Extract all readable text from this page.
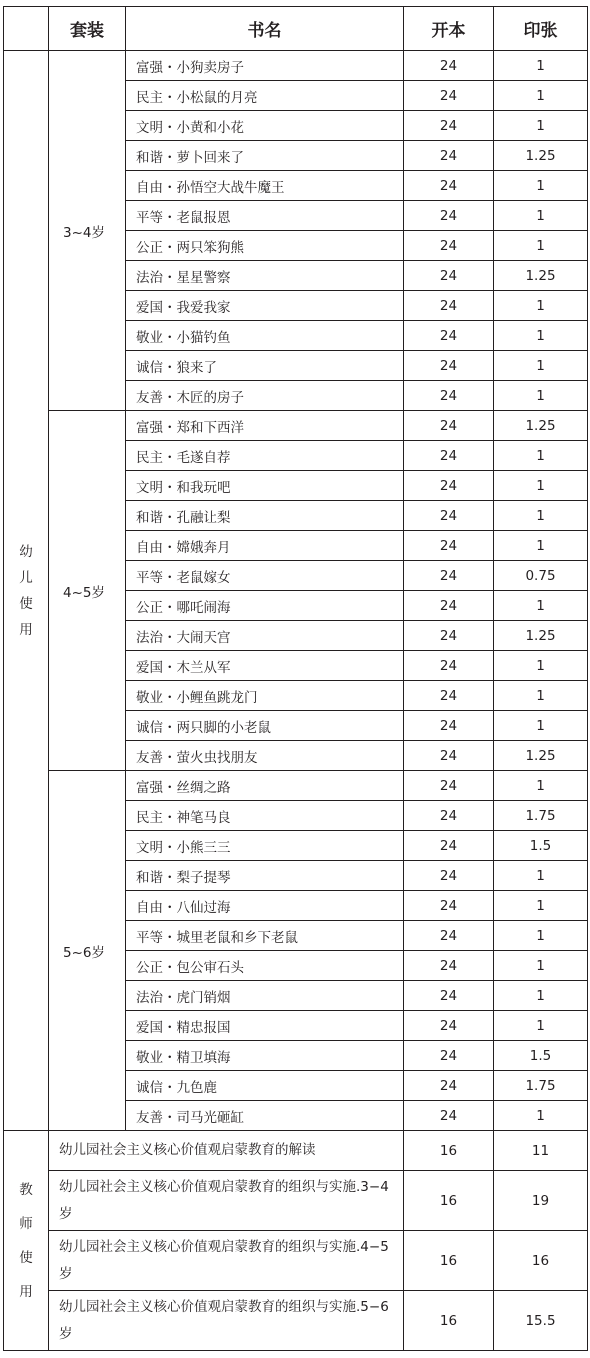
	套装	书名	开本	印张

幼
儿
使
用	3~4岁	富强・小狗卖房子	24	1
		民主・小松鼠的月亮	24	1
		文明・小黄和小花	24	1
		和谐・萝卜回来了	24	1.25
		自由・孙悟空大战牛魔王	24	1
		平等・老鼠报恩	24	1
		公正・两只笨狗熊	24	1
		法治・星星警察	24	1.25
		爱国・我爱我家	24	1
		敬业・小猫钓鱼	24	1
		诚信・狼来了	24	1
		友善・木匠的房子	24	1
	4~5岁	富强・郑和下西洋	24	1.25
		民主・毛遂自荐	24	1
		文明・和我玩吧	24	1
		和谐・孔融让梨	24	1
		自由・嫦娥奔月	24	1
		平等・老鼠嫁女	24	0.75
		公正・哪吒闹海	24	1
		法治・大闹天宫	24	1.25
		爱国・木兰从军	24	1
		敬业・小鲤鱼跳龙门	24	1
		诚信・两只脚的小老鼠	24	1
		友善・萤火虫找朋友	24	1.25
	5~6岁	富强・丝绸之路	24	1
		民主・神笔马良	24	1.75
		文明・小熊三三	24	1.5
		和谐・梨子提琴	24	1
		自由・八仙过海	24	1
		平等・城里老鼠和乡下老鼠	24	1
		公正・包公审石头	24	1
		法治・虎门销烟	24	1
		爱国・精忠报国	24	1
		敬业・精卫填海	24	1.5
		诚信・九色鹿	24	1.75
		友善・司马光砸缸	24	1

教
师
使
用	幼儿园社会主义核心价值观启蒙教育的解读		16	11
	幼儿园社会主义核心价值观启蒙教育的组织与实施.3−4岁		16	19
	幼儿园社会主义核心价值观启蒙教育的组织与实施.4−5岁		16	16
	幼儿园社会主义核心价值观启蒙教育的组织与实施.5−6岁		16	15.5
